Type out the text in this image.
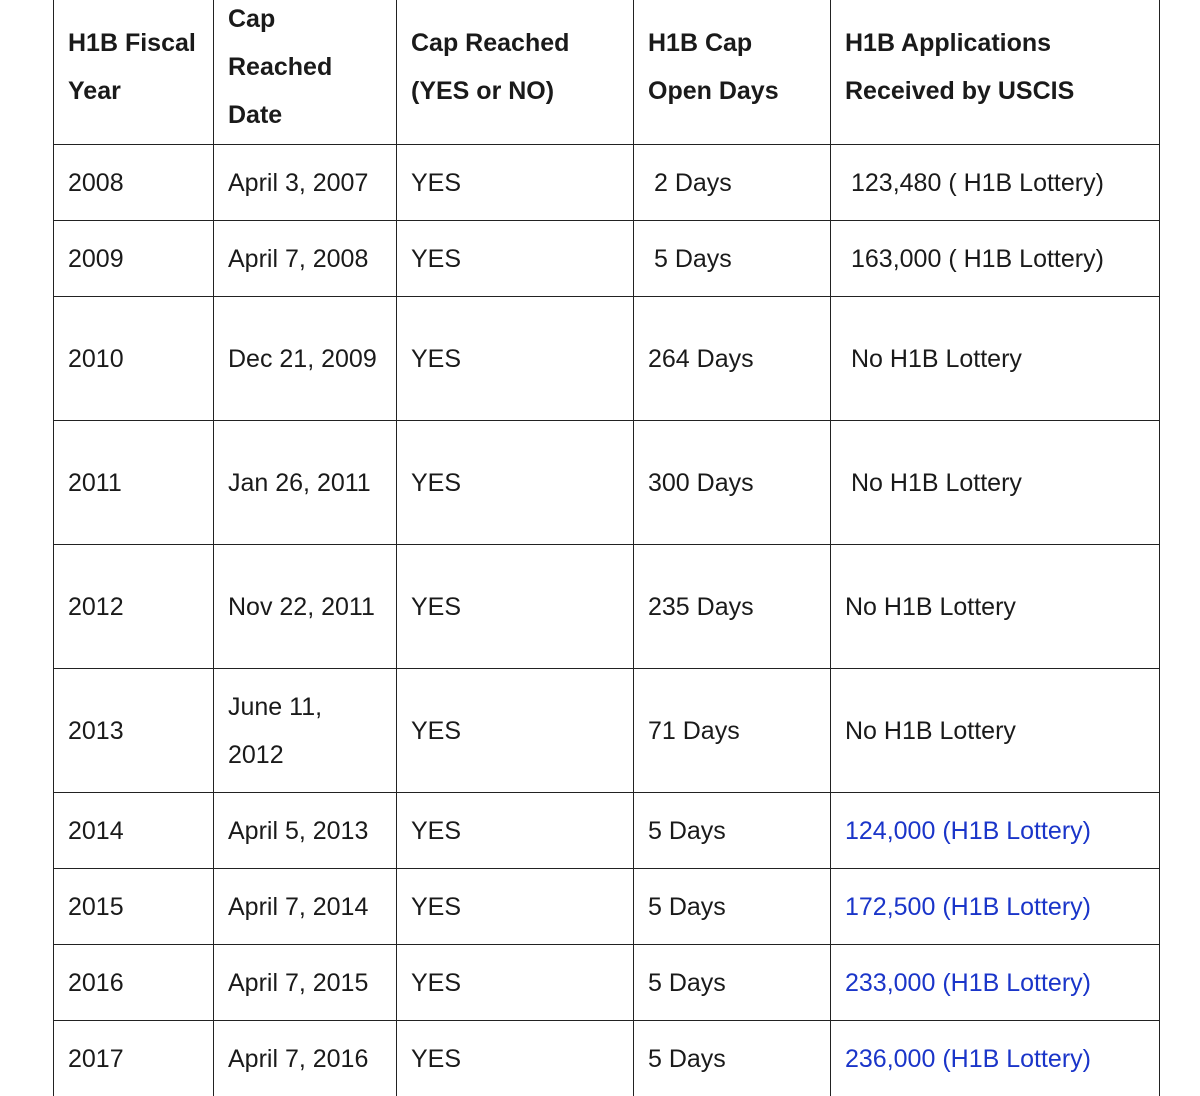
H1B Fiscal Year	Cap Reached Date	Cap Reached (YES or NO)	H1B Cap Open Days	H1B Applications Received by USCIS
2008	April 3, 2007	YES	2 Days	123,480 ( H1B Lottery)
2009	April 7, 2008	YES	5 Days	163,000 ( H1B Lottery)
2010	Dec 21, 2009	YES	264 Days	No H1B Lottery
2011	Jan 26, 2011	YES	300 Days	No H1B Lottery
2012	Nov 22, 2011	YES	235 Days	No H1B Lottery
2013	June 11, 2012	YES	71 Days	No H1B Lottery
2014	April 5, 2013	YES	5 Days	124,000 (H1B Lottery)
2015	April 7, 2014	YES	5 Days	172,500 (H1B Lottery)
2016	April 7, 2015	YES	5 Days	233,000 (H1B Lottery)
2017	April 7, 2016	YES	5 Days	236,000 (H1B Lottery)
